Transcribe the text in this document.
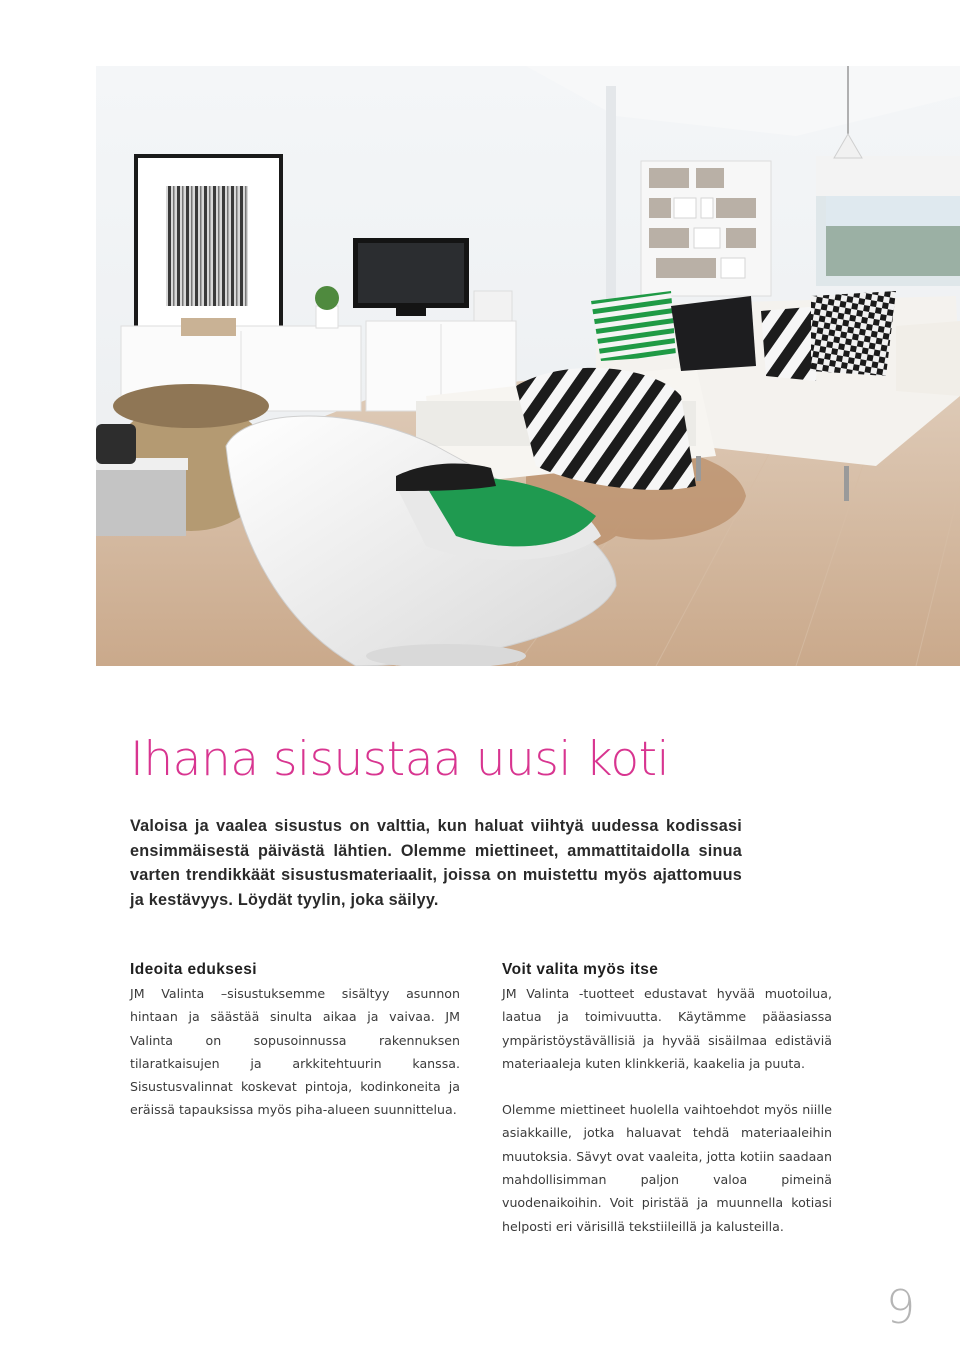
Ihana sisustaa uusi koti

Valoisa ja vaalea sisustus on valttia, kun haluat viihtyä uudessa kodissasi ensimmäisestä päivästä lähtien. Olemme miettineet, ammattitaidolla sinua varten trendikkäät sisustusmateriaalit, joissa on muistettu myös ajattomuus ja kestävyys. Löydät tyylin, joka säilyy.

Ideoita eduksesi

JM Valinta –sisustuksemme sisältyy asunnon hintaan ja säästää sinulta aikaa ja vaivaa. JM Valinta on sopusoinnussa rakennuksen tilaratkaisujen ja arkkitehtuurin kanssa. Sisustusvalinnat koskevat pintoja, kodinkoneita ja eräissä tapauksissa myös piha-alueen suunnittelua.

Voit valita myös itse

JM Valinta -tuotteet edustavat hyvää muotoilua, laatua ja toimivuutta. Käytämme pääasiassa ympäristöystävällisiä ja hyvää sisäilmaa edistäviä materiaaleja kuten klinkkeriä, kaakelia ja puuta.

Olemme miettineet huolella vaihtoehdot myös niille asiakkaille, jotka haluavat tehdä materiaaleihin muutoksia. Sävyt ovat vaaleita, jotta kotiin saadaan mahdollisimman paljon valoa pimeinä vuodenaikoihin. Voit piristää ja muunnella kotiasi helposti eri värisillä tekstiileillä ja kalusteilla.

9
